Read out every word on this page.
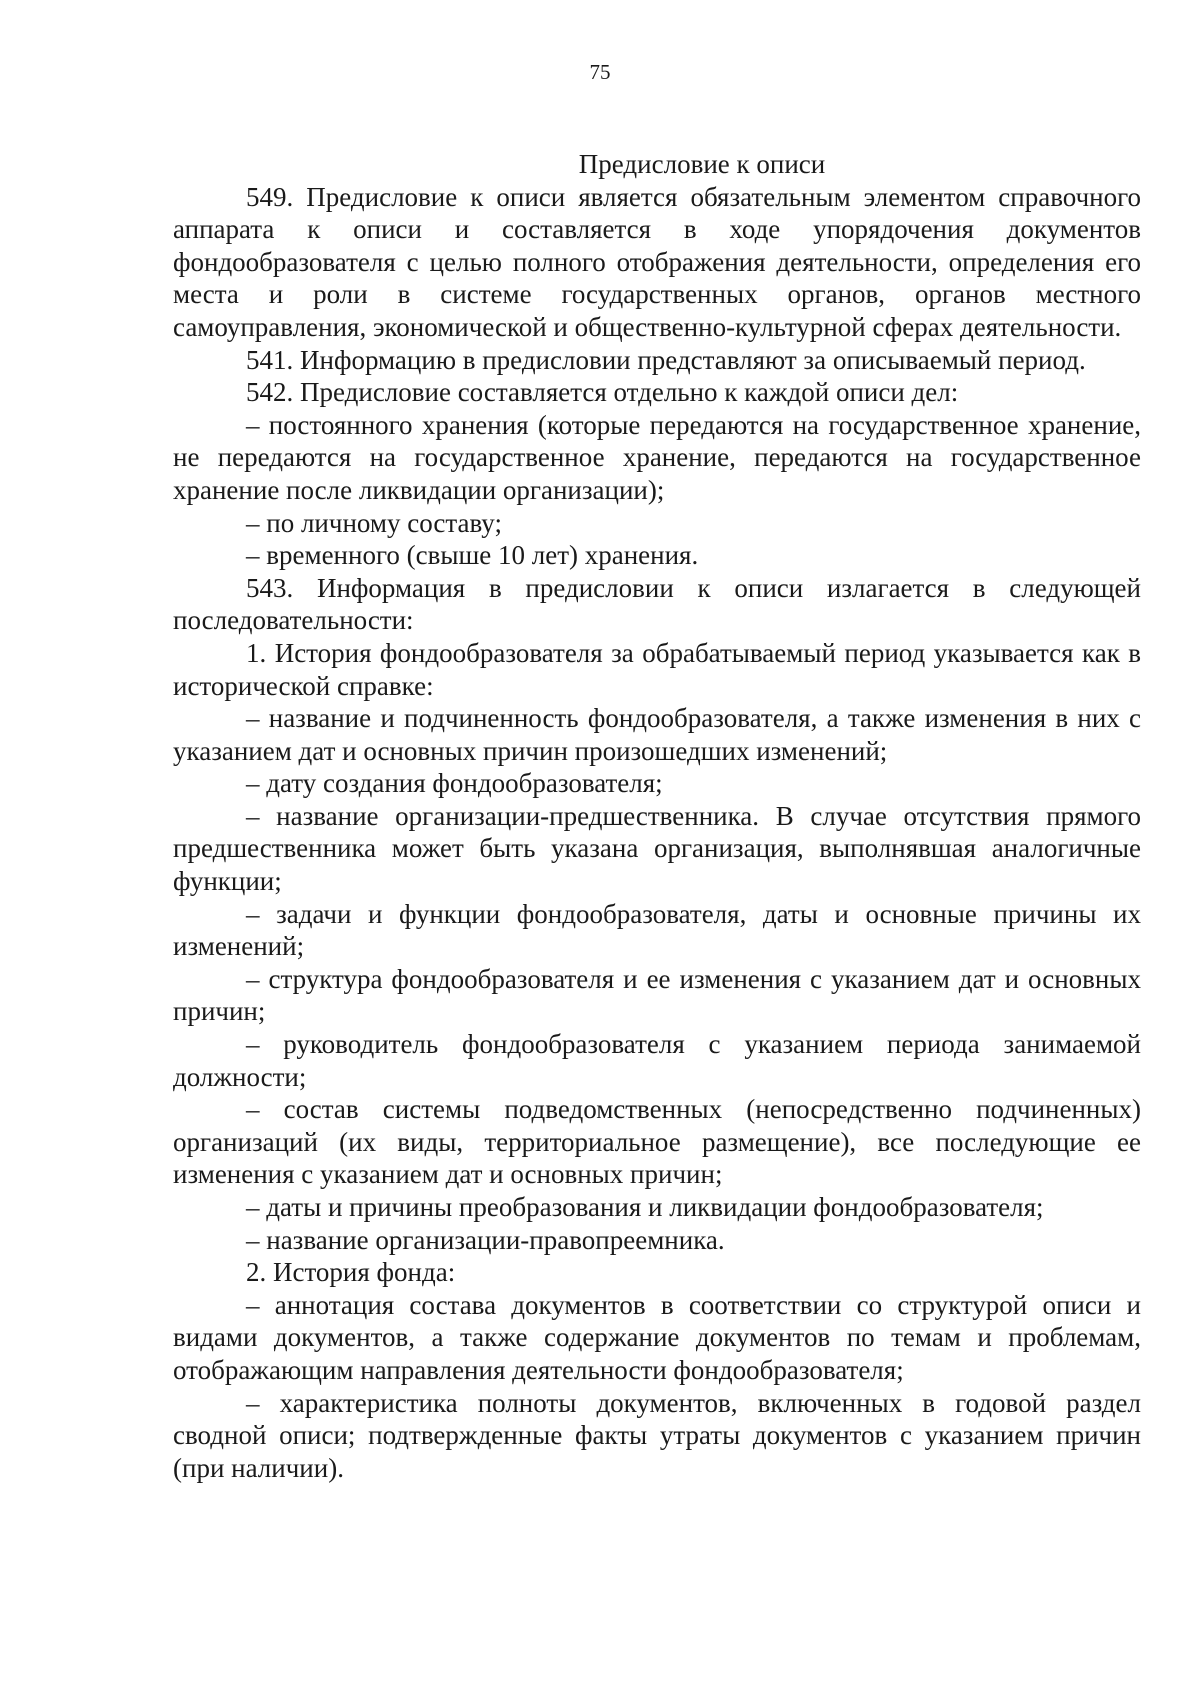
75

Предисловие к описи

549. Предисловие к описи является обязательным элементом справочного аппарата к описи и составляется в ходе упорядочения документов фондообразователя с целью полного отображения деятельности, определения его места и роли в системе государственных органов, органов местного самоуправления, экономической и общественно-культурной сферах деятельности.

541. Информацию в предисловии представляют за описываемый период.

542. Предисловие составляется отдельно к каждой описи дел:

– постоянного хранения (которые передаются на государственное хранение, не передаются на государственное хранение, передаются на государственное хранение после ликвидации организации);

– по личному составу;

– временного (свыше 10 лет) хранения.

543. Информация в предисловии к описи излагается в следующей последовательности:

1. История фондообразователя за обрабатываемый период указывается как в исторической справке:

– название и подчиненность фондообразователя, а также изменения в них с указанием дат и основных причин произошедших изменений;

– дату создания фондообразователя;

– название организации-предшественника. В случае отсутствия прямого предшественника может быть указана организация, выполнявшая аналогичные функции;

– задачи и функции фондообразователя, даты и основные причины их изменений;

– структура фондообразователя и ее изменения с указанием дат и основных причин;

– руководитель фондообразователя с указанием периода занимаемой должности;

– состав системы подведомственных (непосредственно подчиненных) организаций (их виды, территориальное размещение), все последующие ее изменения с указанием дат и основных причин;

– даты и причины преобразования и ликвидации фондообразователя;

– название организации-правопреемника.

2. История фонда:

– аннотация состава документов в соответствии со структурой описи и видами документов, а также содержание документов по темам и проблемам, отображающим направления деятельности фондообразователя;

– характеристика полноты документов, включенных в годовой раздел сводной описи; подтвержденные факты утраты документов с указанием причин (при наличии).
